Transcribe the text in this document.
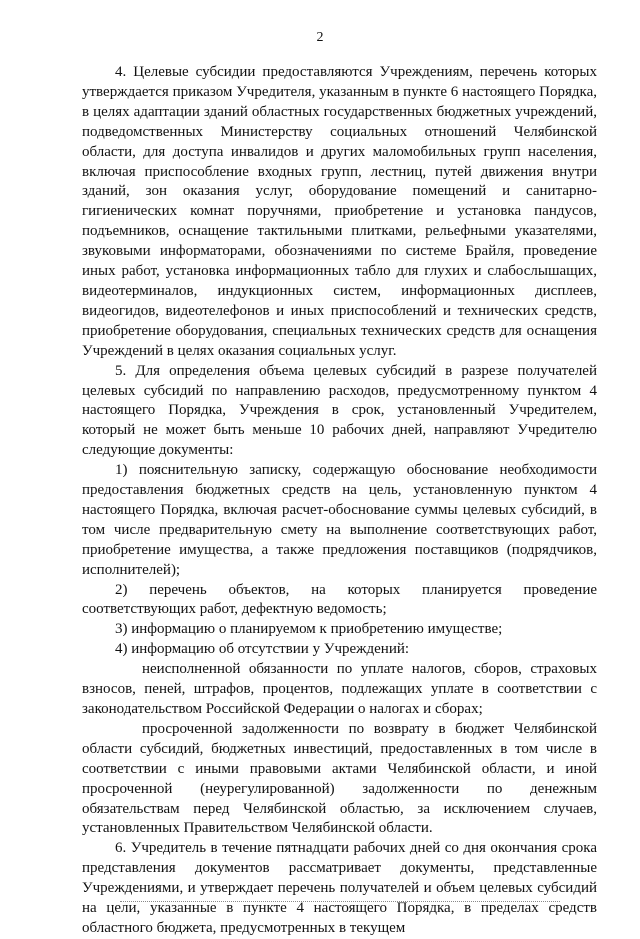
2

4. Целевые субсидии предоставляются Учреждениям, перечень которых утверждается приказом Учредителя, указанным в пункте 6 настоящего Порядка, в целях адаптации зданий областных государственных бюджетных учреждений, подведомственных Министерству социальных отношений Челябинской области, для доступа инвалидов и других маломобильных групп населения, включая приспособление входных групп, лестниц, путей движения внутри зданий, зон оказания услуг, оборудование помещений и санитарно-гигиенических комнат поручнями, приобретение и установка пандусов, подъемников, оснащение тактильными плитками, рельефными указателями, звуковыми информаторами, обозначениями по системе Брайля, проведение иных работ, установка информационных табло для глухих и слабослышащих, видеотерминалов, индукционных систем, информационных дисплеев, видеогидов, видеотелефонов и иных приспособлений и технических средств, приобретение оборудования, специальных технических средств для оснащения Учреждений в целях оказания социальных услуг.

5. Для определения объема целевых субсидий в разрезе получателей целевых субсидий по направлению расходов, предусмотренному пунктом 4 настоящего Порядка, Учреждения в срок, установленный Учредителем, который не может быть меньше 10 рабочих дней, направляют Учредителю следующие документы:

1) пояснительную записку, содержащую обоснование необходимости предоставления бюджетных средств на цель, установленную пунктом 4 настоящего Порядка, включая расчет-обоснование суммы целевых субсидий, в том числе предварительную смету на выполнение соответствующих работ, приобретение имущества, а также предложения поставщиков (подрядчиков, исполнителей);

2) перечень объектов, на которых планируется проведение соответствующих работ, дефектную ведомость;

3) информацию о планируемом к приобретению имуществе;

4) информацию об отсутствии у Учреждений:

неисполненной обязанности по уплате налогов, сборов, страховых взносов, пеней, штрафов, процентов, подлежащих уплате в соответствии с законодательством Российской Федерации о налогах и сборах;

просроченной задолженности по возврату в бюджет Челябинской области субсидий, бюджетных инвестиций, предоставленных в том числе в соответствии с иными правовыми актами Челябинской области, и иной просроченной (неурегулированной) задолженности по денежным обязательствам перед Челябинской областью, за исключением случаев, установленных Правительством Челябинской области.

6. Учредитель в течение пятнадцати рабочих дней со дня окончания срока представления документов рассматривает документы, представленные Учреждениями, и утверждает перечень получателей и объем целевых субсидий на цели, указанные в пункте 4 настоящего Порядка, в пределах средств областного бюджета, предусмотренных в текущем
